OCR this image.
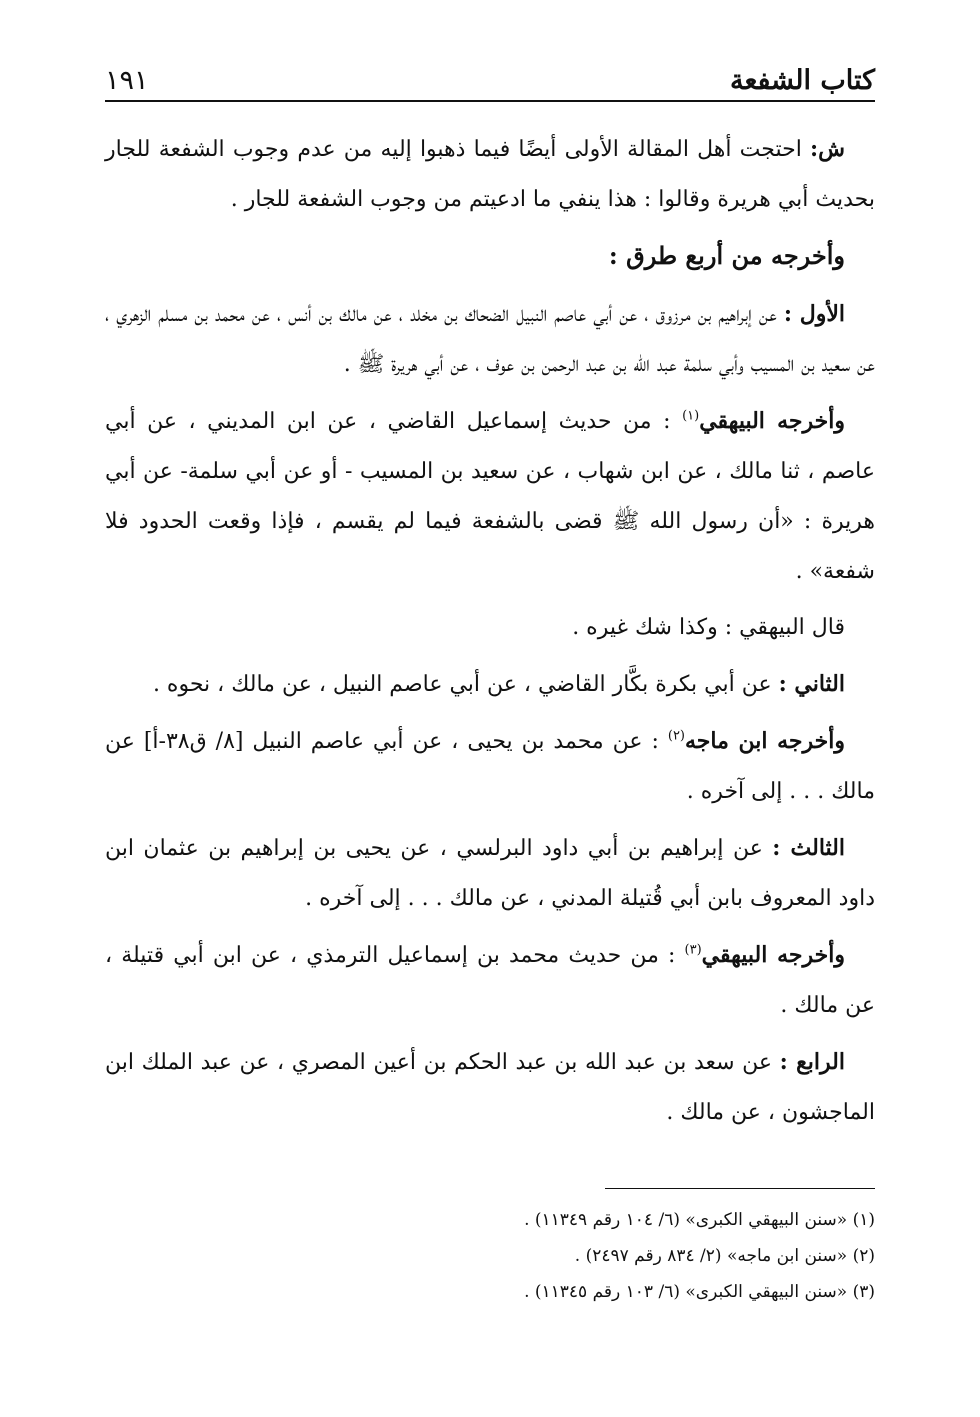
كتاب الشفعة
١٩١

ش: احتجت أهل المقالة الأولى أيضًا فيما ذهبوا إليه من عدم وجوب الشفعة للجار بحديث أبي هريرة وقالوا : هذا ينفي ما ادعيتم من وجوب الشفعة للجار .

وأخرجه من أربع طرق :

الأول : عن إبراهيم بن مرزوق ، عن أبي عاصم النبيل الضحاك بن مخلد ، عن مالك بن أنس ، عن محمد بن مسلم الزهري ، عن سعيد بن المسيب وأبي سلمة عبد الله بن عبد الرحمن بن عوف ، عن أبي هريرة ﷺ .

وأخرجه البيهقي$^{(١)}$ : من حديث إسماعيل القاضي ، عن ابن المديني ، عن أبي عاصم ، ثنا مالك ، عن ابن شهاب ، عن سعيد بن المسيب - أو عن أبي سلمة- عن أبي هريرة : «أن رسول الله ﷺ قضى بالشفعة فيما لم يقسم ، فإذا وقعت الحدود فلا شفعة» .

قال البيهقي : وكذا شك غيره .

الثاني : عن أبي بكرة بكَّار القاضي ، عن أبي عاصم النبيل ، عن مالك ، نحوه .

وأخرجه ابن ماجه$^{(٢)}$ : عن محمد بن يحيى ، عن أبي عاصم النبيل [٨/ ق٣٨-أ] عن مالك . . . إلى آخره .

الثالث : عن إبراهيم بن أبي داود البرلسي ، عن يحيى بن إبراهيم بن عثمان ابن داود المعروف بابن أبي قُتيلة المدني ، عن مالك . . . إلى آخره .

وأخرجه البيهقي$^{(٣)}$ : من حديث محمد بن إسماعيل الترمذي ، عن ابن أبي قتيلة ، عن مالك .

الرابع : عن سعد بن عبد الله بن عبد الحكم بن أعين المصري ، عن عبد الملك ابن الماجشون ، عن مالك .

(١) «سنن البيهقي الكبرى» (٦/ ١٠٤ رقم ١١٣٤٩) .
(٢) «سنن ابن ماجه» (٢/ ٨٣٤ رقم ٢٤٩٧) .
(٣) «سنن البيهقي الكبرى» (٦/ ١٠٣ رقم ١١٣٤٥) .
